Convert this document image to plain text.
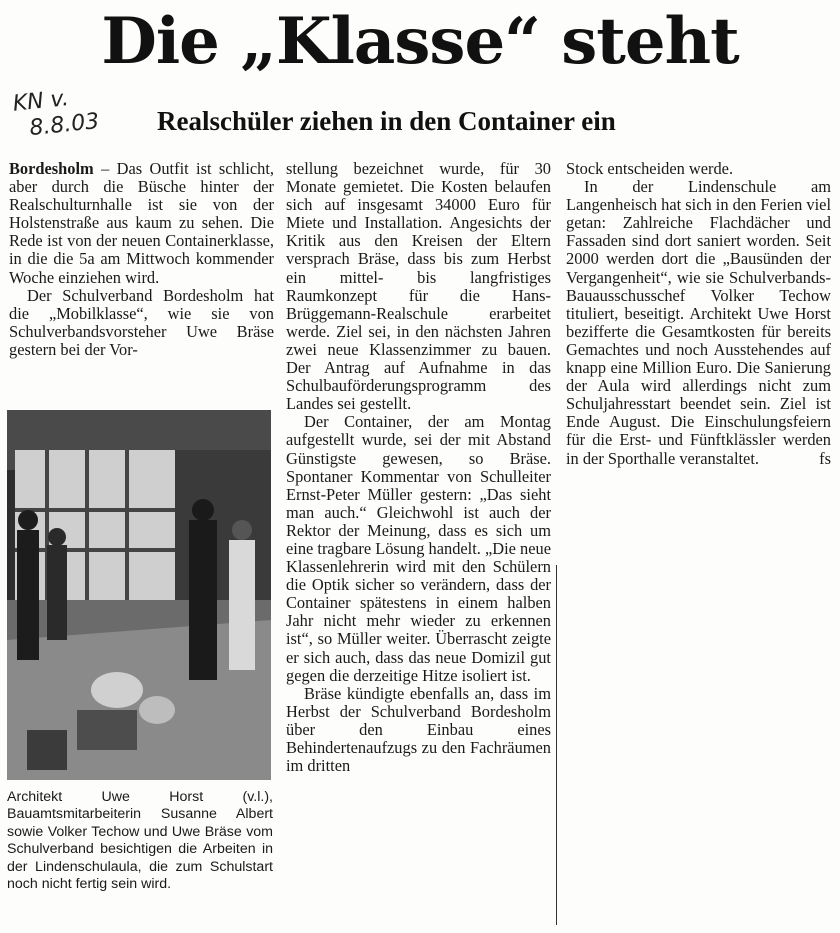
Die „Klasse“ steht
KN v.
8.8.03	Realschüler ziehen in den Container ein

Bordesholm – Das Outfit ist schlicht, aber durch die Büsche hinter der Realschulturnhalle ist sie von der Holstenstraße aus kaum zu sehen. Die Rede ist von der neuen Containerklasse, in die die 5a am Mittwoch kommender Woche einziehen wird.

Der Schulverband Bordesholm hat die „Mobilklasse“, wie sie von Schulverbandsvorsteher Uwe Bräse gestern bei der Vor-

Architekt Uwe Horst (v.l.), Bauamtsmitarbeiterin Susanne Albert sowie Volker Techow und Uwe Bräse vom Schulverband besichtigen die Arbeiten in der Lindenschulaula, die zum Schulstart noch nicht fertig sein wird.

stellung bezeichnet wurde, für 30 Monate gemietet. Die Kosten belaufen sich auf insgesamt 34000 Euro für Miete und Installation. Angesichts der Kritik aus den Kreisen der Eltern versprach Bräse, dass bis zum Herbst ein mittel- bis langfristiges Raumkonzept für die Hans-Brüggemann-Realschule erarbeitet werde. Ziel sei, in den nächsten Jahren zwei neue Klassenzimmer zu bauen. Der Antrag auf Aufnahme in das Schulbauförderungsprogramm des Landes sei gestellt.

Der Container, der am Montag aufgestellt wurde, sei der mit Abstand Günstigste gewesen, so Bräse. Spontaner Kommentar von Schulleiter Ernst-Peter Müller gestern: „Das sieht man auch.“ Gleichwohl ist auch der Rektor der Meinung, dass es sich um eine tragbare Lösung handelt. „Die neue Klassenlehrerin wird mit den Schülern die Optik sicher so verändern, dass der Container spätestens in einem halben Jahr nicht mehr wieder zu erkennen ist“, so Müller weiter. Überrascht zeigte er sich auch, dass das neue Domizil gut gegen die derzeitige Hitze isoliert ist.

Bräse kündigte ebenfalls an, dass im Herbst der Schulverband Bordesholm über den Einbau eines Behindertenaufzugs zu den Fachräumen im dritten

Stock entscheiden werde.

In der Lindenschule am Langenheisch hat sich in den Ferien viel getan: Zahlreiche Flachdächer und Fassaden sind dort saniert worden. Seit 2000 werden dort die „Bausünden der Vergangenheit“, wie sie Schulverbands-Bauausschusschef Volker Techow tituliert, beseitigt. Architekt Uwe Horst bezifferte die Gesamtkosten für bereits Gemachtes und noch Ausstehendes auf knapp eine Million Euro. Die Sanierung der Aula wird allerdings nicht zum Schuljahresstart beendet sein. Ziel ist Ende August. Die Einschulungsfeiern für die Erst- und Fünftklässler werden in der Sporthalle veranstaltet.	fs
